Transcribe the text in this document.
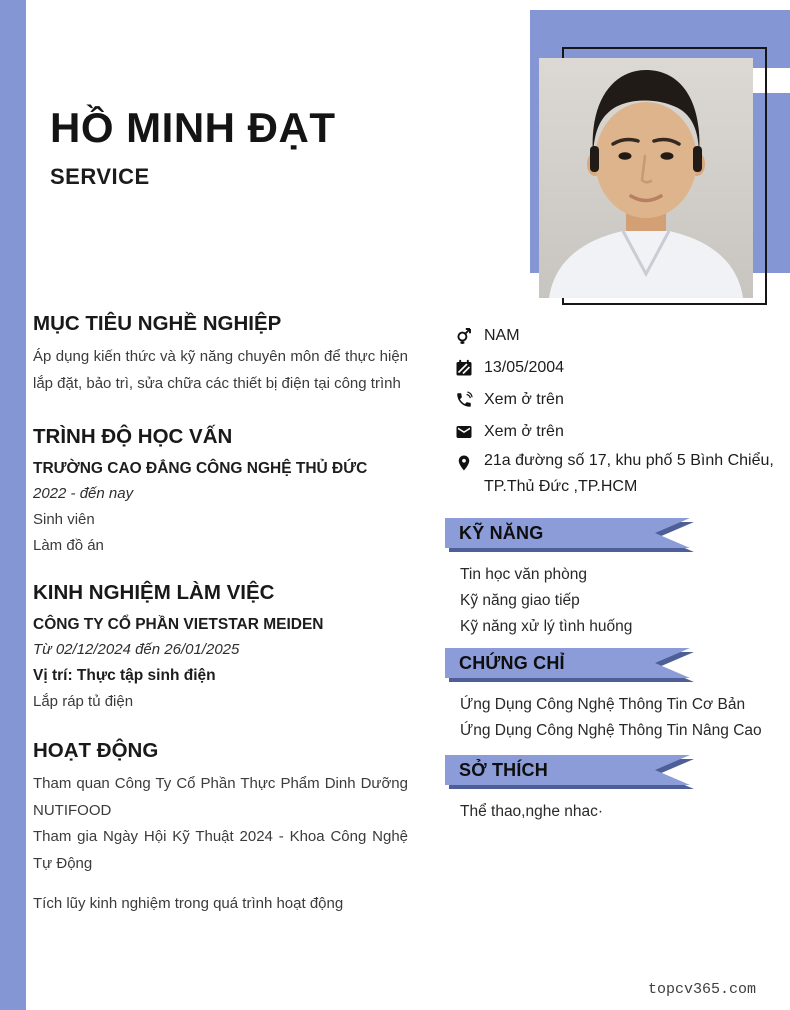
HỒ MINH ĐẠT
SERVICE
MỤC TIÊU NGHỀ NGHIỆP

Áp dụng kiến thức và kỹ năng chuyên môn để thực hiện lắp đặt, bảo trì, sửa chữa các thiết bị điện tại công trình

TRÌNH ĐỘ HỌC VẤN
TRƯỜNG CAO ĐẲNG CÔNG NGHỆ THỦ ĐỨC
2022 - đến nay
Sinh viên
Làm đồ án
KINH NGHIỆM LÀM VIỆC
CÔNG TY CỔ PHẦN VIETSTAR MEIDEN
Từ 02/12/2024 đến 26/01/2025
Vị trí: Thực tập sinh điện
Lắp ráp tủ điện
HOẠT ĐỘNG

Tham quan Công Ty Cổ Phần Thực Phẩm Dinh Dưỡng NUTIFOOD

Tham gia Ngày Hội Kỹ Thuật 2024 - Khoa Công Nghệ Tự Động

Tích lũy kinh nghiệm trong quá trình hoạt động

NAM
13/05/2004
Xem ở trên
Xem ở trên
21a đường số 17, khu phố 5 Bình Chiểu, TP.Thủ Đức ,TP.HCM
KỸ NĂNG
Tin học văn phòng
Kỹ năng giao tiếp
Kỹ năng xử lý tình huống
CHỨNG CHỈ
Ứng Dụng Công Nghệ Thông Tin Cơ Bản
Ứng Dụng Công Nghệ Thông Tin Nâng Cao
SỞ THÍCH
Thể thao,nghe nhac·
topcv365.com
